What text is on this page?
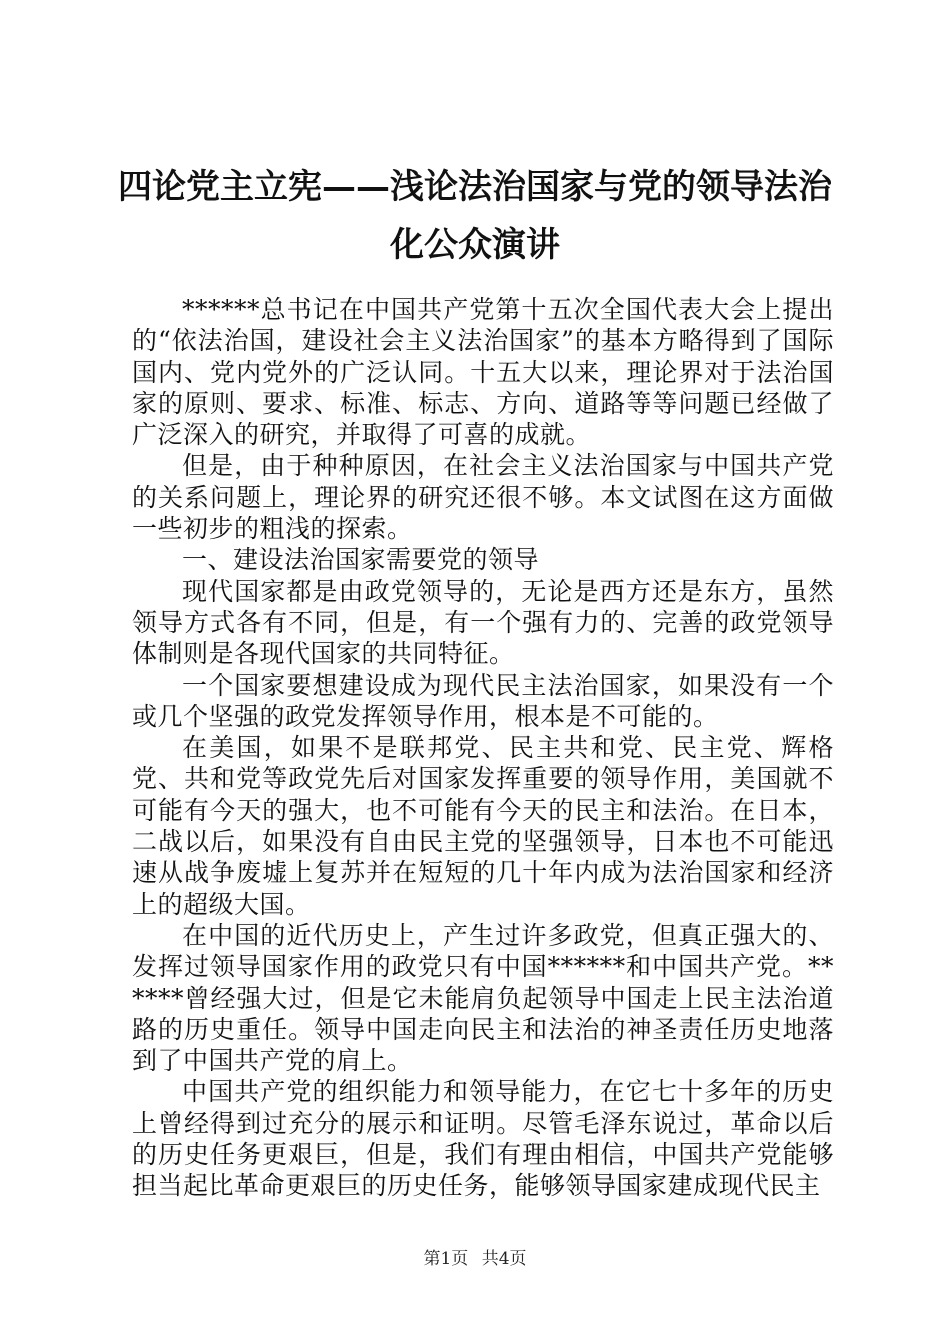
四论党主立宪——浅论法治国家与党的领导法治化公众演讲

******总书记在中国共产党第十五次全国代表大会上提出的“依法治国，建设社会主义法治国家”的基本方略得到了国际国内、党内党外的广泛认同。十五大以来，理论界对于法治国家的原则、要求、标准、标志、方向、道路等等问题已经做了广泛深入的研究，并取得了可喜的成就。

但是，由于种种原因，在社会主义法治国家与中国共产党的关系问题上，理论界的研究还很不够。本文试图在这方面做一些初步的粗浅的探索。

一、建设法治国家需要党的领导

现代国家都是由政党领导的，无论是西方还是东方，虽然领导方式各有不同，但是，有一个强有力的、完善的政党领导体制则是各现代国家的共同特征。

一个国家要想建设成为现代民主法治国家，如果没有一个或几个坚强的政党发挥领导作用，根本是不可能的。

在美国，如果不是联邦党、民主共和党、民主党、辉格党、共和党等政党先后对国家发挥重要的领导作用，美国就不可能有今天的强大，也不可能有今天的民主和法治。在日本，二战以后，如果没有自由民主党的坚强领导，日本也不可能迅速从战争废墟上复苏并在短短的几十年内成为法治国家和经济上的超级大国。

在中国的近代历史上，产生过许多政党，但真正强大的、发挥过领导国家作用的政党只有中国******和中国共产党。******曾经强大过，但是它未能肩负起领导中国走上民主法治道路的历史重任。领导中国走向民主和法治的神圣责任历史地落到了中国共产党的肩上。

中国共产党的组织能力和领导能力，在它七十多年的历史上曾经得到过充分的展示和证明。尽管毛泽东说过，革命以后的历史任务更艰巨，但是，我们有理由相信，中国共产党能够担当起比革命更艰巨的历史任务，能够领导国家建成现代民主

第1页 共4页
